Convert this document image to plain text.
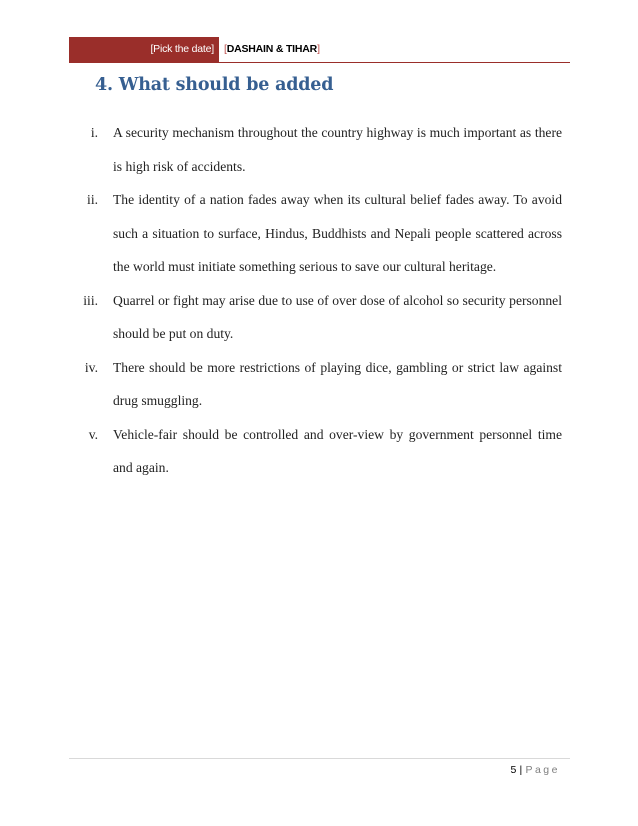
[Pick the date] [DASHAIN & TIHAR]
4. What should be added
i. A security mechanism throughout the country highway is much important as there is high risk of accidents.
ii. The identity of a nation fades away when its cultural belief fades away. To avoid such a situation to surface, Hindus, Buddhists and Nepali people scattered across the world must initiate something serious to save our cultural heritage.
iii. Quarrel or fight may arise due to use of over dose of alcohol so security personnel should be put on duty.
iv. There should be more restrictions of playing dice, gambling or strict law against drug smuggling.
v. Vehicle-fair should be controlled and over-view by government personnel time and again.
5 | Page
